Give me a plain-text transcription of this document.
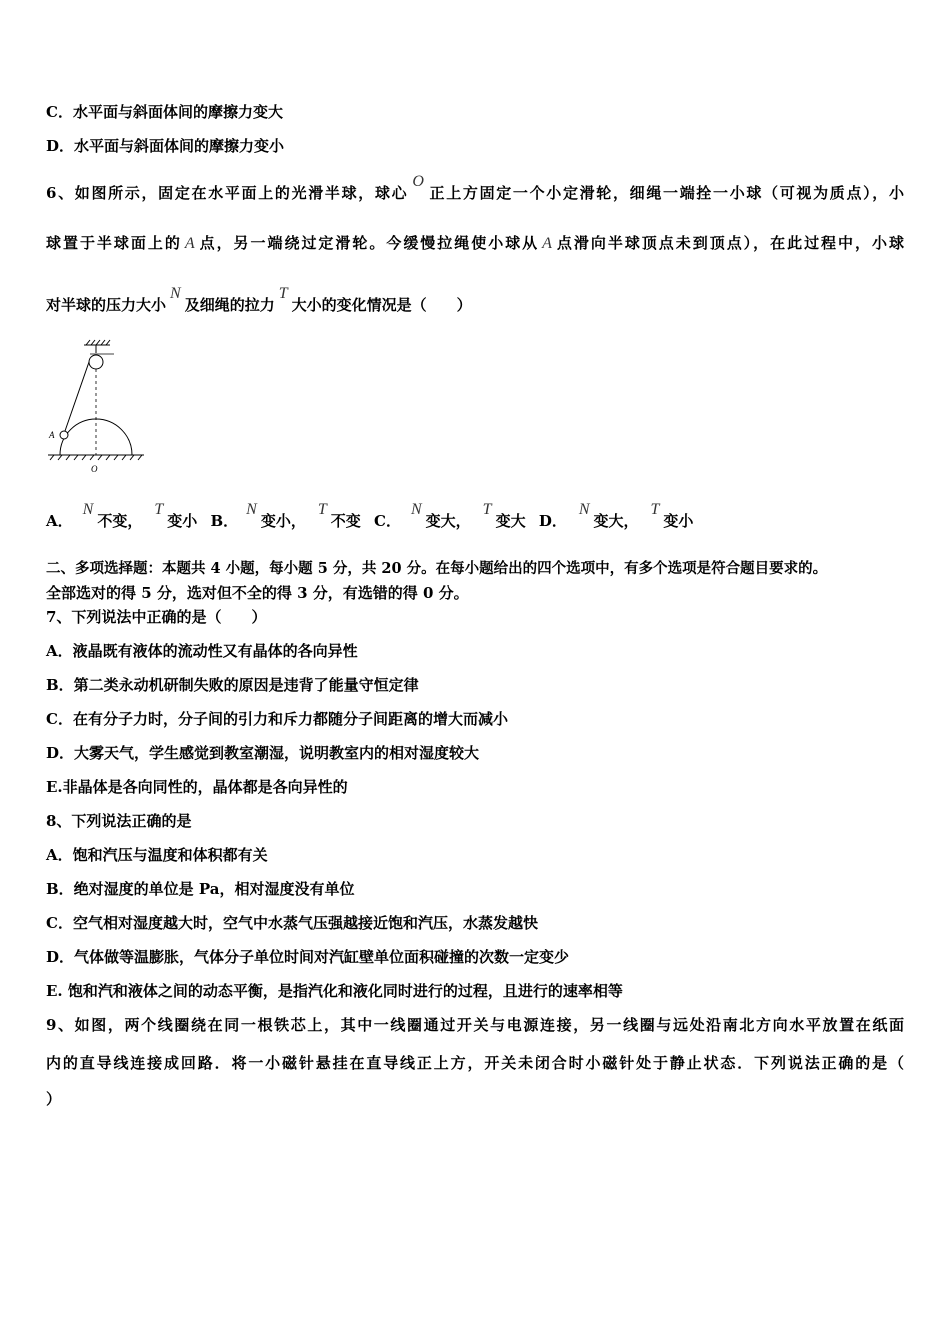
C．水平面与斜面体间的摩擦力变大
D．水平面与斜面体间的摩擦力变小
6、如图所示，固定在水平面上的光滑半球，球心O正上方固定一个小定滑轮，细绳一端拴一小球（可视为质点），小
球置于半球面上的 A 点，另一端绕过定滑轮。今缓慢拉绳使小球从 A 点滑向半球顶点未到顶点），在此过程中，小球
对半球的压力大小N及细绳的拉力T大小的变化情况是（　　）
A
O
A．N不变，T变小 B．N变小，T不变 C．N变大，T变大 D．N变大，T变小
二、多项选择题：本题共 4 小题，每小题 5 分，共 20 分。在每小题给出的四个选项中，有多个选项是符合题目要求的。
全部选对的得 5 分，选对但不全的得 3 分，有选错的得 0 分。
7、下列说法中正确的是（　　）
A．液晶既有液体的流动性又有晶体的各向异性
B．第二类永动机研制失败的原因是违背了能量守恒定律
C．在有分子力时，分子间的引力和斥力都随分子间距离的增大而减小
D．大雾天气，学生感觉到教室潮湿，说明教室内的相对湿度较大
E.非晶体是各向同性的，晶体都是各向异性的
8、下列说法正确的是
A．饱和汽压与温度和体积都有关
B．绝对湿度的单位是 Pa，相对湿度没有单位
C．空气相对湿度越大时，空气中水蒸气压强越接近饱和汽压，水蒸发越快
D．气体做等温膨胀，气体分子单位时间对汽缸壁单位面积碰撞的次数一定变少
E. 饱和汽和液体之间的动态平衡，是指汽化和液化同时进行的过程，且进行的速率相等
9、如图，两个线圈绕在同一根铁芯上，其中一线圈通过开关与电源连接，另一线圈与远处沿南北方向水平放置在纸面
内的直导线连接成回路．将一小磁针悬挂在直导线正上方，开关未闭合时小磁针处于静止状态．下列说法正确的是（
）
